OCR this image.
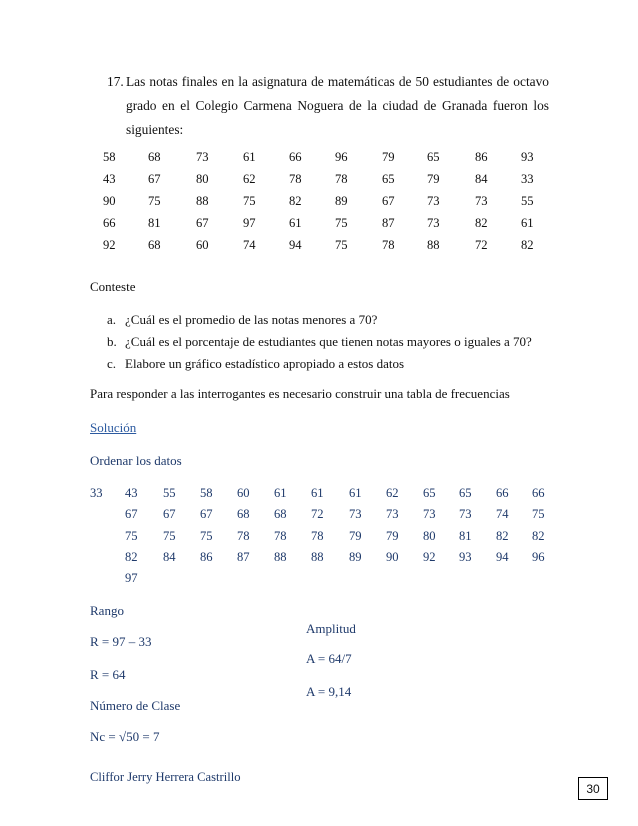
17. Las notas finales en la asignatura de matemáticas de 50 estudiantes de octavo
grado en el Colegio Carmena Noguera de la ciudad de Granada fueron los
siguientes:
58	68	73	61	66	96	79	65	86	93
43	67	80	62	78	78	65	79	84	33
90	75	88	75	82	89	67	73	73	55
66	81	67	97	61	75	87	73	82	61
92	68	60	74	94	75	78	88	72	82
Conteste
a. ¿Cuál es el promedio de las notas menores a 70?
b. ¿Cuál es el porcentaje de estudiantes que tienen notas mayores o iguales a 70?
c. Elabore un gráfico estadístico apropiado a estos datos
Para responder a las interrogantes es necesario construir una tabla de frecuencias
Solución
Ordenar los datos
33 43 55 58 60 61 61 61 62 65 65 66 66
67 67 67 68 68 72 73 73 73 73 74 75
75 75 75 78 78 78 79 79 80 81 82 82
82 84 86 87 88 88 89 90 92 93 94 96
97
Rango
R = 97 – 33
R = 64
Amplitud
A = 64/7
A = 9,14
Número de Clase
Nc = √50 = 7
Cliffor Jerry Herrera Castrillo
30
